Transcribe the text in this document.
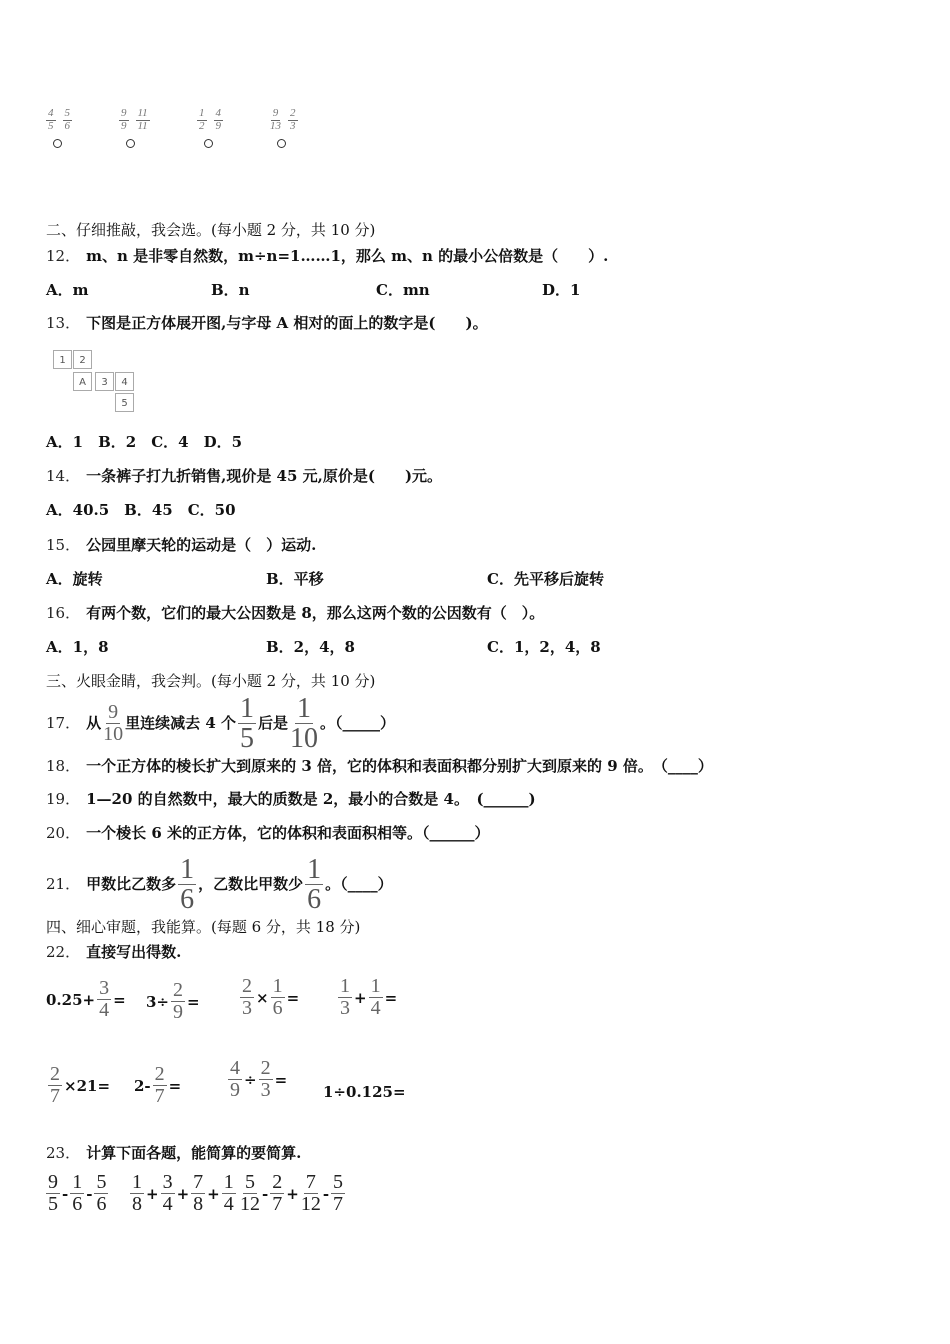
二、仔细推敲，我会选。(每小题 2 分，共 10 分)
12． m、n 是非零自然数，m÷n=1……1，那么 m、n 的最小公倍数是（　　）.
A．m	B．n	C．mn	D．1
13． 下图是正方体展开图,与字母 A 相对的面上的数字是(　　)。
1	2
A	3	4
5
A．1　B．2　C．4　D．5
14． 一条裤子打九折销售,现价是 45 元,原价是(　　)元。
A．40.5　B．45　C．50
15． 公园里摩天轮的运动是（　）运动.
A．旋转	B．平移	C．先平移后旋转
16． 有两个数，它们的最大公因数是 8，那么这两个数的公因数有（　）。
A．1，8	B．2，4，8	C．1，2，4，8
三、火眼金睛，我会判。(每小题 2 分，共 10 分)
17． 从 $\frac{9}{10}$ 里连续减去 4 个 $\frac{1}{5}$ 后是 $\frac{1}{10}$ 。（_____）
18． 一个正方体的棱长扩大到原来的 3 倍，它的体积和表面积都分别扩大到原来的 9 倍。　（____）
19． 1—20 的自然数中，最大的质数是 2，最小的合数是 4。　(______)
20． 一个棱长 6 米的正方体，它的体积和表面积相等。（______）
21． 甲数比乙数多 $\frac{1}{6}$ ，乙数比甲数少 $\frac{1}{6}$ 。（____）
四、细心审题，我能算。(每题 6 分，共 18 分)
22． 直接写出得数.
23． 计算下面各题，能简算的要简算.
$\frac{4}{5} \frac{5}{6}$	$\frac{9}{9} \frac{11}{11}$	$\frac{1}{2} \frac{4}{9}$	$\frac{9}{13} \frac{2}{3}$
$0.25+ \frac{3}{4} = 3\div \frac{2}{9} = \frac{2}{3} \times \frac{1}{6} = \frac{1}{3} + \frac{1}{4}$ =
$\frac{2}{7} \times 21= 2- \frac{2}{7} = \frac{4}{9} \div \frac{2}{3}$ =
1÷0.125=
$\frac{9}{5} - \frac{1}{6} - \frac{5}{6} \frac{1}{8} + \frac{3}{4} + \frac{7}{8} + \frac{1}{4} \frac{5}{12} - \frac{2}{7} + \frac{7}{12} - \frac{5}{7}$
